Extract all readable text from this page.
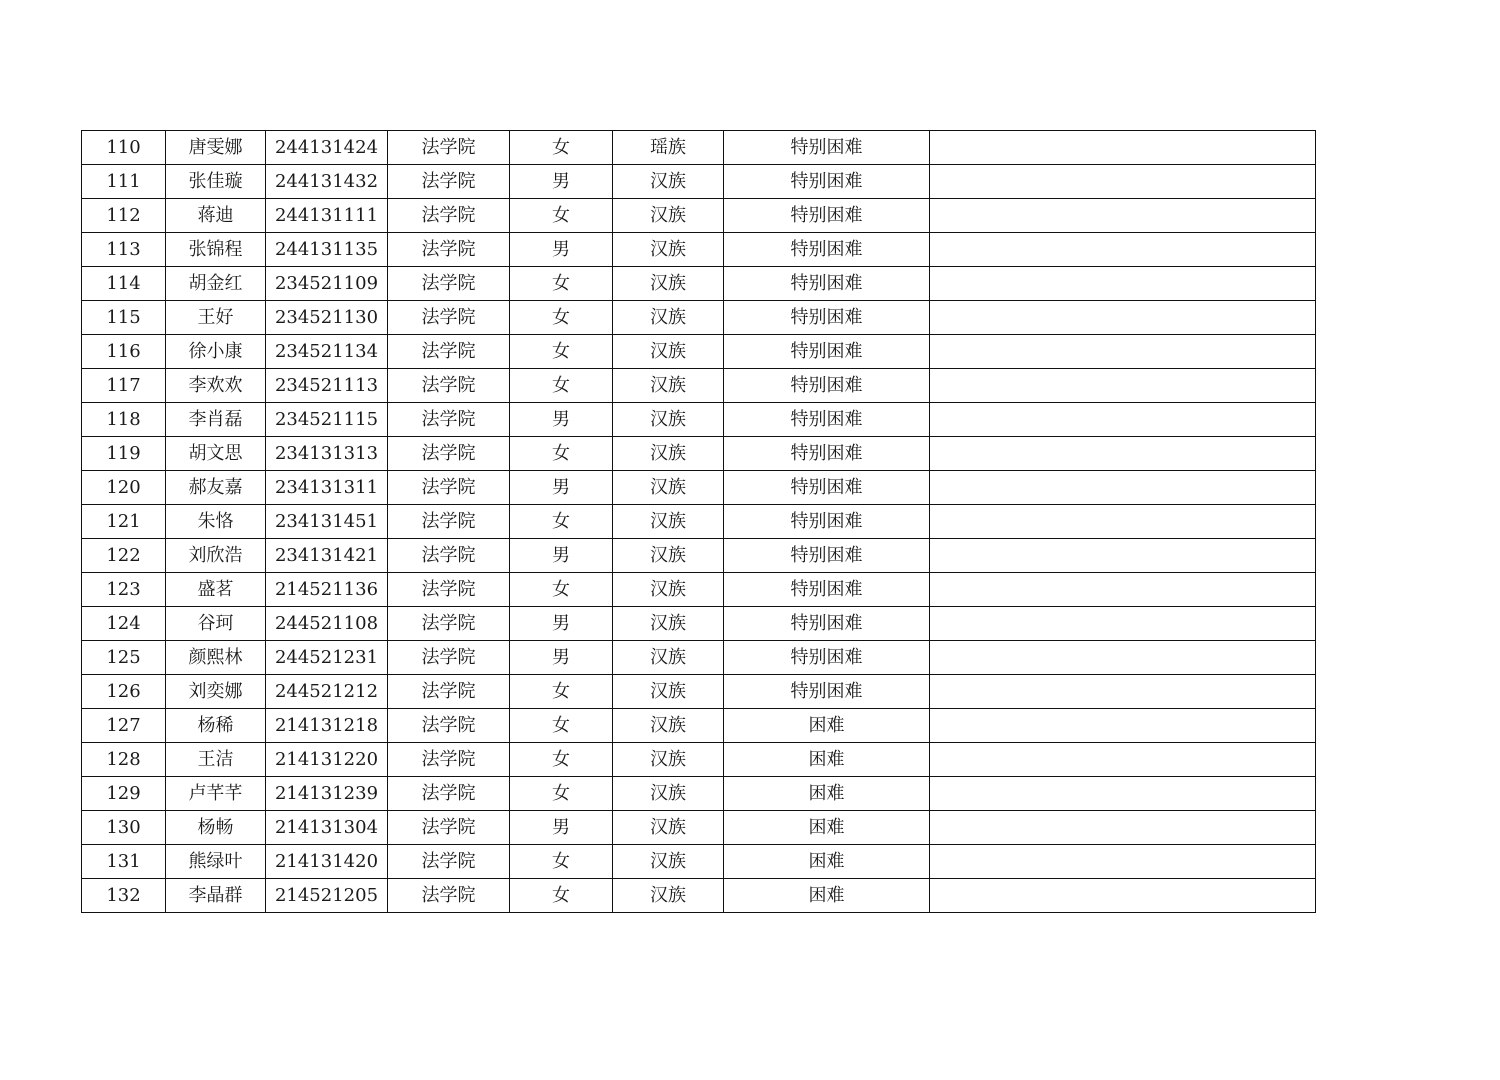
110	唐雯娜	244131424	法学院	女	瑶族	特别困难	
111	张佳璇	244131432	法学院	男	汉族	特别困难	
112	蒋迪	244131111	法学院	女	汉族	特别困难	
113	张锦程	244131135	法学院	男	汉族	特别困难	
114	胡金红	234521109	法学院	女	汉族	特别困难	
115	王好	234521130	法学院	女	汉族	特别困难	
116	徐小康	234521134	法学院	女	汉族	特别困难	
117	李欢欢	234521113	法学院	女	汉族	特别困难	
118	李肖磊	234521115	法学院	男	汉族	特别困难	
119	胡文思	234131313	法学院	女	汉族	特别困难	
120	郝友嘉	234131311	法学院	男	汉族	特别困难	
121	朱恪	234131451	法学院	女	汉族	特别困难	
122	刘欣浩	234131421	法学院	男	汉族	特别困难	
123	盛茗	214521136	法学院	女	汉族	特别困难	
124	谷珂	244521108	法学院	男	汉族	特别困难	
125	颜熙林	244521231	法学院	男	汉族	特别困难	
126	刘奕娜	244521212	法学院	女	汉族	特别困难	
127	杨稀	214131218	法学院	女	汉族	困难	
128	王洁	214131220	法学院	女	汉族	困难	
129	卢芊芊	214131239	法学院	女	汉族	困难	
130	杨畅	214131304	法学院	男	汉族	困难	
131	熊绿叶	214131420	法学院	女	汉族	困难	
132	李晶群	214521205	法学院	女	汉族	困难	
